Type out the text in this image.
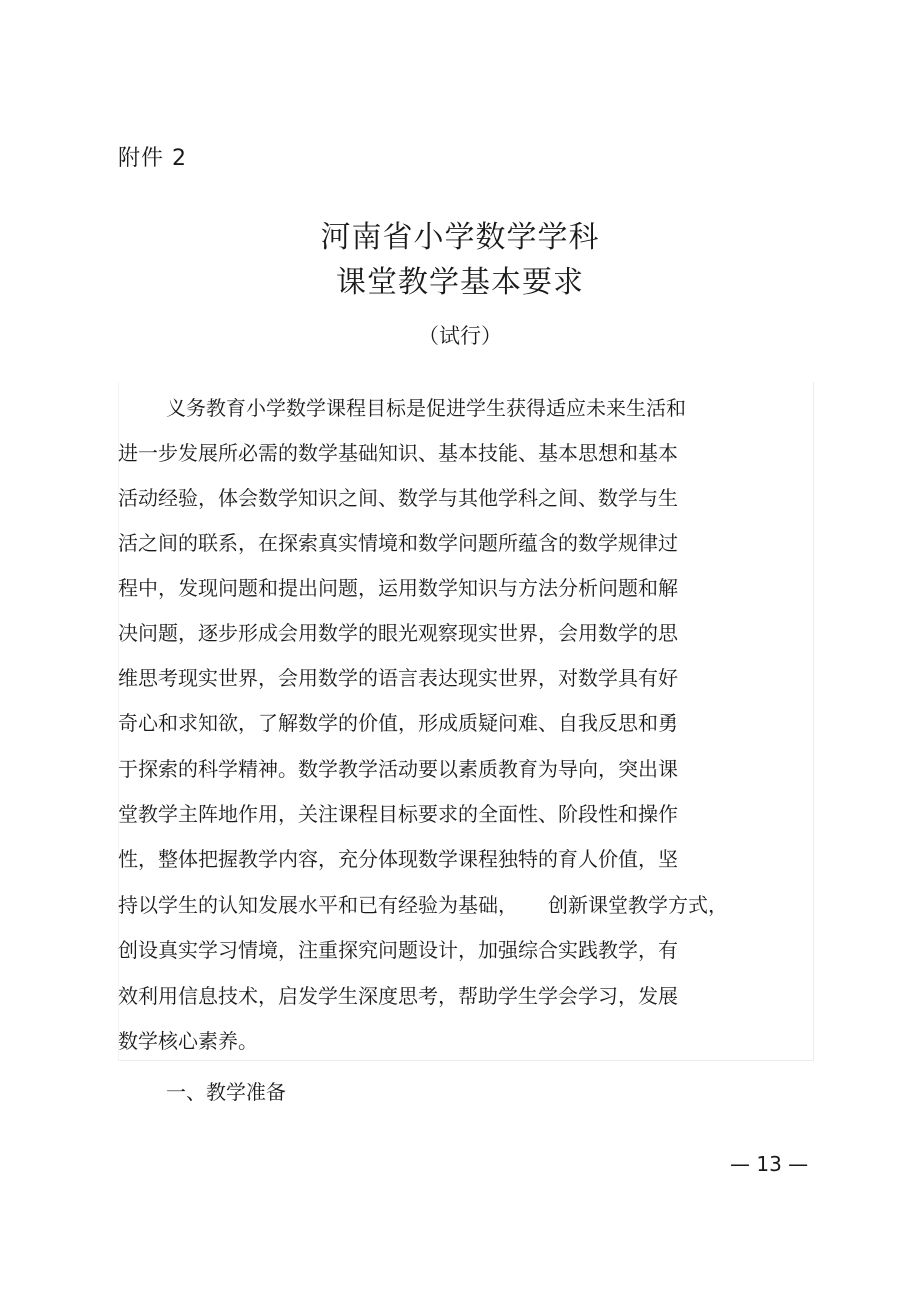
附件 2
河南省小学数学学科
课堂教学基本要求
（试行）
义务教育小学数学课程目标是促进学生获得适应未来生活和
进一步发展所必需的数学基础知识、基本技能、基本思想和基本
活动经验，体会数学知识之间、数学与其他学科之间、数学与生
活之间的联系，在探索真实情境和数学问题所蕴含的数学规律过
程中，发现问题和提出问题，运用数学知识与方法分析问题和解
决问题，逐步形成会用数学的眼光观察现实世界，会用数学的思
维思考现实世界，会用数学的语言表达现实世界，对数学具有好
奇心和求知欲，了解数学的价值，形成质疑问难、自我反思和勇
于探索的科学精神。数学教学活动要以素质教育为导向，突出课
堂教学主阵地作用，关注课程目标要求的全面性、阶段性和操作
性，整体把握教学内容，充分体现数学课程独特的育人价值，坚
持以学生的认知发展水平和已有经验为基础，　　创新课堂教学方式，
创设真实学习情境，注重探究问题设计，加强综合实践教学，有
效利用信息技术，启发学生深度思考，帮助学生学会学习，发展
数学核心素养。
一、教学准备
— 13 —
